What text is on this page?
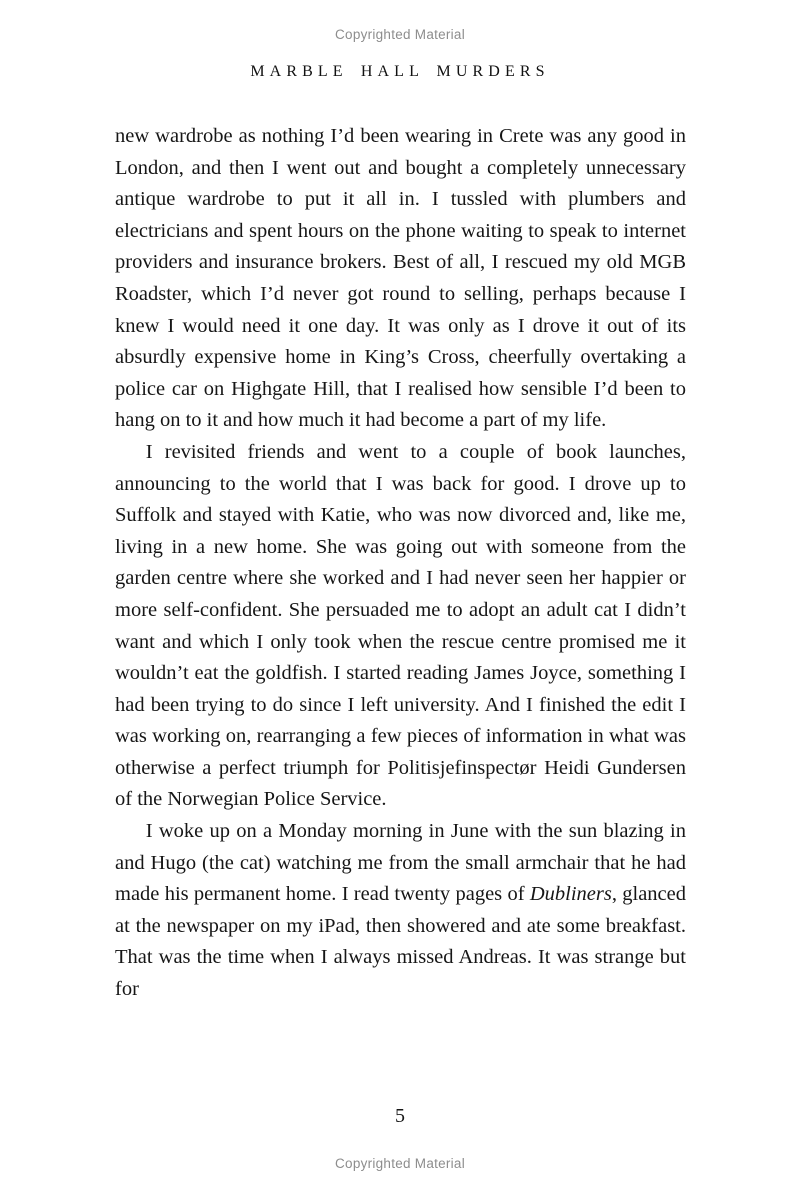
Copyrighted Material
MARBLE HALL MURDERS

new wardrobe as nothing I’d been wearing in Crete was any good in London, and then I went out and bought a completely unnecessary antique wardrobe to put it all in. I tussled with plumbers and electricians and spent hours on the phone waiting to speak to internet providers and insurance brokers. Best of all, I rescued my old MGB Roadster, which I’d never got round to selling, perhaps because I knew I would need it one day. It was only as I drove it out of its absurdly expensive home in King’s Cross, cheerfully overtaking a police car on Highgate Hill, that I realised how sensible I’d been to hang on to it and how much it had become a part of my life.

I revisited friends and went to a couple of book launches, announcing to the world that I was back for good. I drove up to Suffolk and stayed with Katie, who was now divorced and, like me, living in a new home. She was going out with someone from the garden centre where she worked and I had never seen her happier or more self-confident. She persuaded me to adopt an adult cat I didn’t want and which I only took when the rescue centre promised me it wouldn’t eat the goldfish. I started reading James Joyce, something I had been trying to do since I left university. And I finished the edit I was working on, rearranging a few pieces of information in what was otherwise a perfect triumph for Politisjefinspectør Heidi Gundersen of the Norwegian Police Service.

I woke up on a Monday morning in June with the sun blazing in and Hugo (the cat) watching me from the small armchair that he had made his permanent home. I read twenty pages of Dubliners, glanced at the newspaper on my iPad, then showered and ate some breakfast. That was the time when I always missed Andreas. It was strange but for

5
Copyrighted Material
